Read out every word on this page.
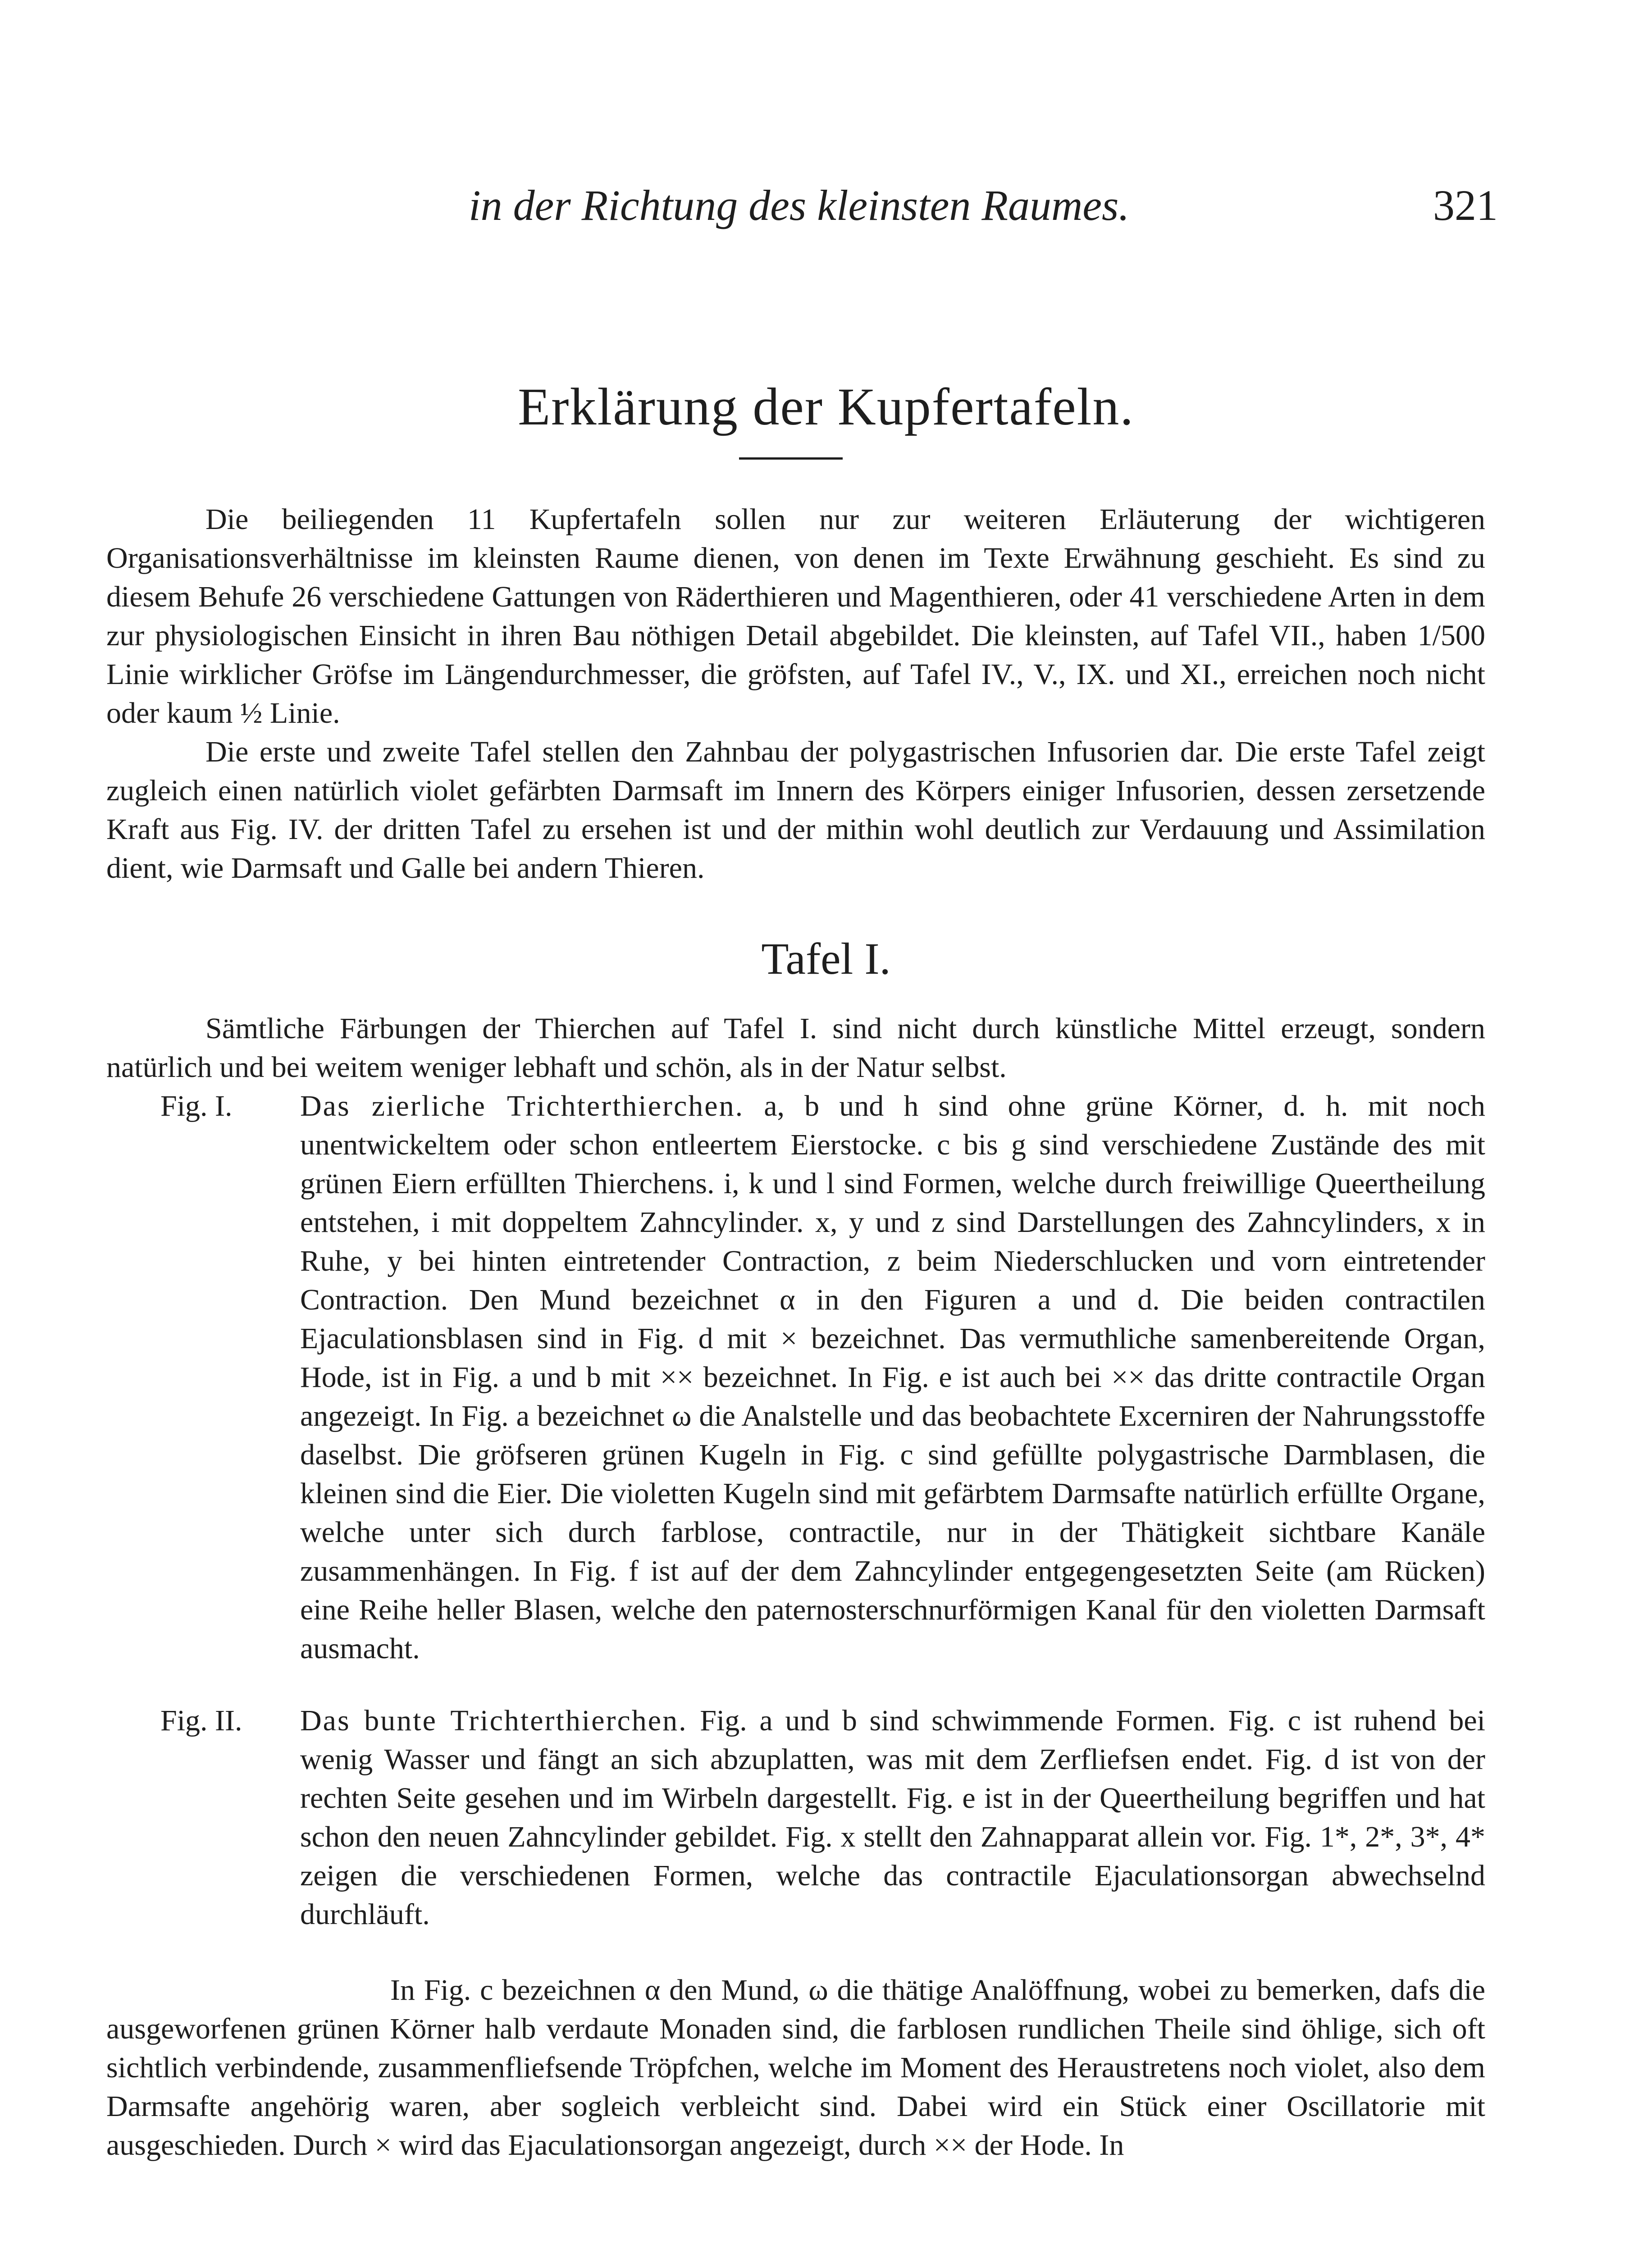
in der Richtung des kleinsten Raumes.	321
Erklärung der Kupfertafeln.

Die beiliegenden 11 Kupfertafeln sollen nur zur weiteren Erläuterung der wichtigeren Organisationsverhältnisse im kleinsten Raume dienen, von denen im Texte Erwähnung geschieht. Es sind zu diesem Behufe 26 verschiedene Gattungen von Räderthieren und Magenthieren, oder 41 verschiedene Arten in dem zur physiologischen Einsicht in ihren Bau nöthigen Detail abgebildet. Die kleinsten, auf Tafel VII., haben 1/500 Linie wirklicher Gröfse im Längendurchmesser, die gröfsten, auf Tafel IV., V., IX. und XI., erreichen noch nicht oder kaum ½ Linie.

Die erste und zweite Tafel stellen den Zahnbau der polygastrischen Infusorien dar. Die erste Tafel zeigt zugleich einen natürlich violet gefärbten Darmsaft im Innern des Körpers einiger Infusorien, dessen zersetzende Kraft aus Fig. IV. der dritten Tafel zu ersehen ist und der mithin wohl deutlich zur Verdauung und Assimilation dient, wie Darmsaft und Galle bei andern Thieren.

Tafel I.

Sämtliche Färbungen der Thierchen auf Tafel I. sind nicht durch künstliche Mittel erzeugt, sondern natürlich und bei weitem weniger lebhaft und schön, als in der Natur selbst.

Fig. I. Das zierliche Trichterthierchen. a, b und h sind ohne grüne Körner, d. h. mit noch unentwickeltem oder schon entleertem Eierstocke. c bis g sind verschiedene Zustände des mit grünen Eiern erfüllten Thierchens. i, k und l sind Formen, welche durch freiwillige Queertheilung entstehen, i mit doppeltem Zahncylinder. x, y und z sind Darstellungen des Zahncylinders, x in Ruhe, y bei hinten eintretender Contraction, z beim Niederschlucken und vorn eintretender Contraction. Den Mund bezeichnet α in den Figuren a und d. Die beiden contractilen Ejaculationsblasen sind in Fig. d mit × bezeichnet. Das vermuthliche samenbereitende Organ, Hode, ist in Fig. a und b mit ×× bezeichnet. In Fig. e ist auch bei ×× das dritte contractile Organ angezeigt. In Fig. a bezeichnet ω die Analstelle und das beobachtete Excerniren der Nahrungsstoffe daselbst. Die gröfseren grünen Kugeln in Fig. c sind gefüllte polygastrische Darmblasen, die kleinen sind die Eier. Die violetten Kugeln sind mit gefärbtem Darmsafte natürlich erfüllte Organe, welche unter sich durch farblose, contractile, nur in der Thätigkeit sichtbare Kanäle zusammenhängen. In Fig. f ist auf der dem Zahncylinder entgegengesetzten Seite (am Rücken) eine Reihe heller Blasen, welche den paternosterschnurförmigen Kanal für den violetten Darmsaft ausmacht.
Fig. II. Das bunte Trichterthierchen. Fig. a und b sind schwimmende Formen. Fig. c ist ruhend bei wenig Wasser und fängt an sich abzuplatten, was mit dem Zerfliefsen endet. Fig. d ist von der rechten Seite gesehen und im Wirbeln dargestellt. Fig. e ist in der Queertheilung begriffen und hat schon den neuen Zahncylinder gebildet. Fig. x stellt den Zahnapparat allein vor. Fig. 1*, 2*, 3*, 4* zeigen die verschiedenen Formen, welche das contractile Ejaculationsorgan abwechselnd durchläuft.

In Fig. c bezeichnen α den Mund, ω die thätige Analöffnung, wobei zu bemerken, dafs die ausgeworfenen grünen Körner halb verdaute Monaden sind, die farblosen rundlichen Theile sind öhlige, sich oft sichtlich verbindende, zusammenfliefsende Tröpfchen, welche im Moment des Heraustretens noch violet, also dem Darmsafte angehörig waren, aber sogleich verbleicht sind. Dabei wird ein Stück einer Oscillatorie mit ausgeschieden. Durch × wird das Ejaculationsorgan angezeigt, durch ×× der Hode. In
